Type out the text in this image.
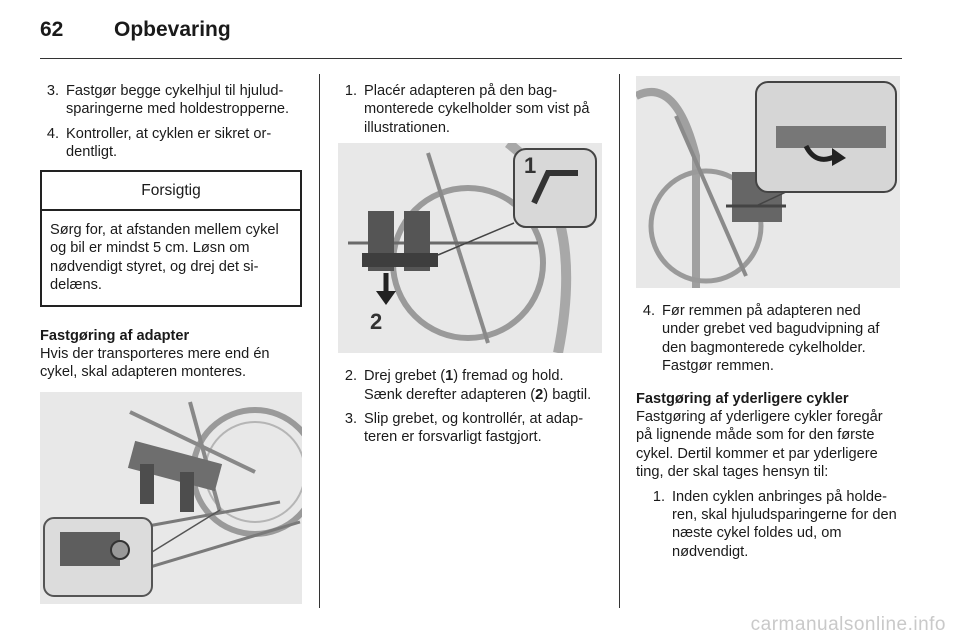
62 Opbevaring
3. Fastgør begge cykelhjul til hjuludsparingerne med holdestropperne.
4. Kontroller, at cyklen er sikret ordentligt.
Forsigtig
Sørg for, at afstanden mellem cykel og bil er mindst 5 cm. Løsn om nødvendigt styret, og drej det sidelæns.
Fastgøring af adapter
Hvis der transporteres mere end én cykel, skal adapteren monteres.
1. Placér adapteren på den bagmonterede cykelholder som vist på illustrationen.
1
2
2. Drej grebet (1) fremad og hold. Sænk derefter adapteren (2) bagtil.
3. Slip grebet, og kontrollér, at adapteren er forsvarligt fastgjort.
4. Før remmen på adapteren ned under grebet ved bagudvipning af den bagmonterede cykelholder. Fastgør remmen.
Fastgøring af yderligere cykler
Fastgøring af yderligere cykler foregår på lignende måde som for den første cykel. Dertil kommer et par yderligere ting, der skal tages hensyn til:
1. Inden cyklen anbringes på holderen, skal hjuludsparingerne for den næste cykel foldes ud, om nødvendigt.
carmanualsonline.info
